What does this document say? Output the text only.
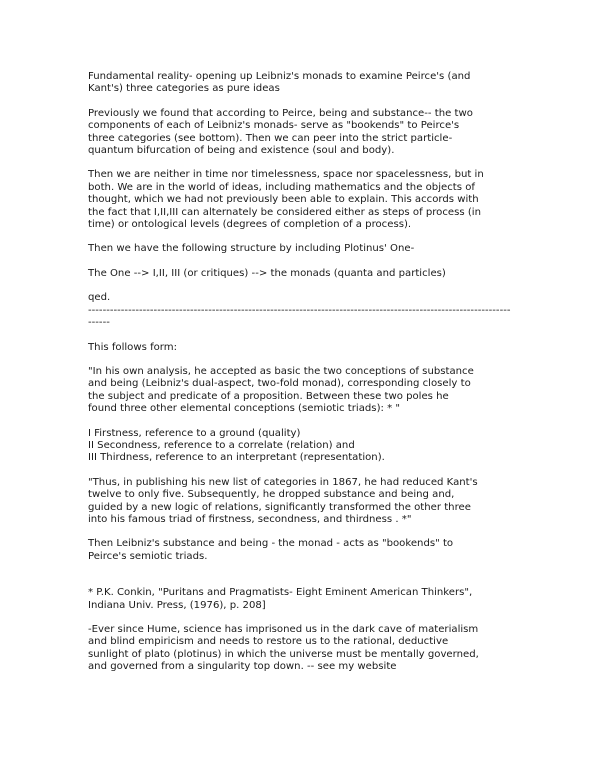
Fundamental reality- opening up Leibniz's monads to examine Peirce's (and
Kant's) three categories as pure ideas

Previously we found that according to Peirce, being and substance-- the two
components of each of Leibniz's monads- serve as "bookends" to Peirce's
three categories (see bottom). Then we can peer into the strict particle-
quantum bifurcation of being and existence (soul and body).

Then we are neither in time nor timelessness, space nor spacelessness, but in
both. We are in the world of ideas, including mathematics and the objects of
thought, which we had not previously been able to explain. This accords with
the fact that I,II,III can alternately be considered either as steps of process (in
time) or ontological levels (degrees of completion of a process).

Then we have the following structure by including Plotinus' One-

The One --> I,II, III (or critiques) --> the monads (quanta and particles)

qed.

--------------------------------------------------------------------------------------------------------------------
------

This follows form:

"In his own analysis, he accepted as basic the two conceptions of substance
and being (Leibniz's dual-aspect, two-fold monad), corresponding closely to
the subject and predicate of a proposition. Between these two poles he
found three other elemental conceptions (semiotic triads): * "

I Firstness, reference to a ground (quality)
II Secondness, reference to a correlate (relation) and
III Thirdness, reference to an interpretant (representation).

"Thus, in publishing his new list of categories in 1867, he had reduced Kant's
twelve to only five. Subsequently, he dropped substance and being and,
guided by a new logic of relations, significantly transformed the other three
into his famous triad of firstness, secondness, and thirdness . *"

Then Leibniz's substance and being - the monad - acts as "bookends" to
Peirce's semiotic triads.

* P.K. Conkin, "Puritans and Pragmatists- Eight Eminent American Thinkers",
Indiana Univ. Press, (1976), p. 208]

-Ever since Hume, science has imprisoned us in the dark cave of materialism
and blind empiricism and needs to restore us to the rational, deductive
sunlight of plato (plotinus) in which the universe must be mentally governed,
and governed from a singularity top down. -- see my website
